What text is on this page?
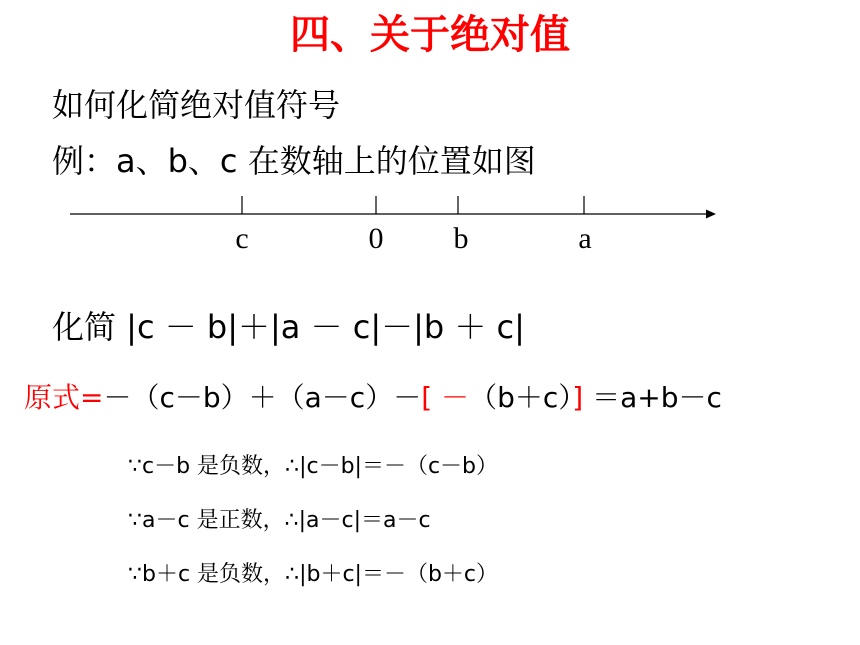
四、关于绝对值
如何化简绝对值符号
例：a、b、c 在数轴上的位置如图
c	0 b	a
化简 |c － b|＋|a － c|－|b ＋ c|
原式=－（c－b）＋（a－c）－[ －（b＋c）] ＝a+b－c
∵c－b 是负数，∴|c－b|＝－（c－b）
∵a－c 是正数，∴|a－c|＝a－c
∵b＋c 是负数，∴|b＋c|＝－（b＋c）
